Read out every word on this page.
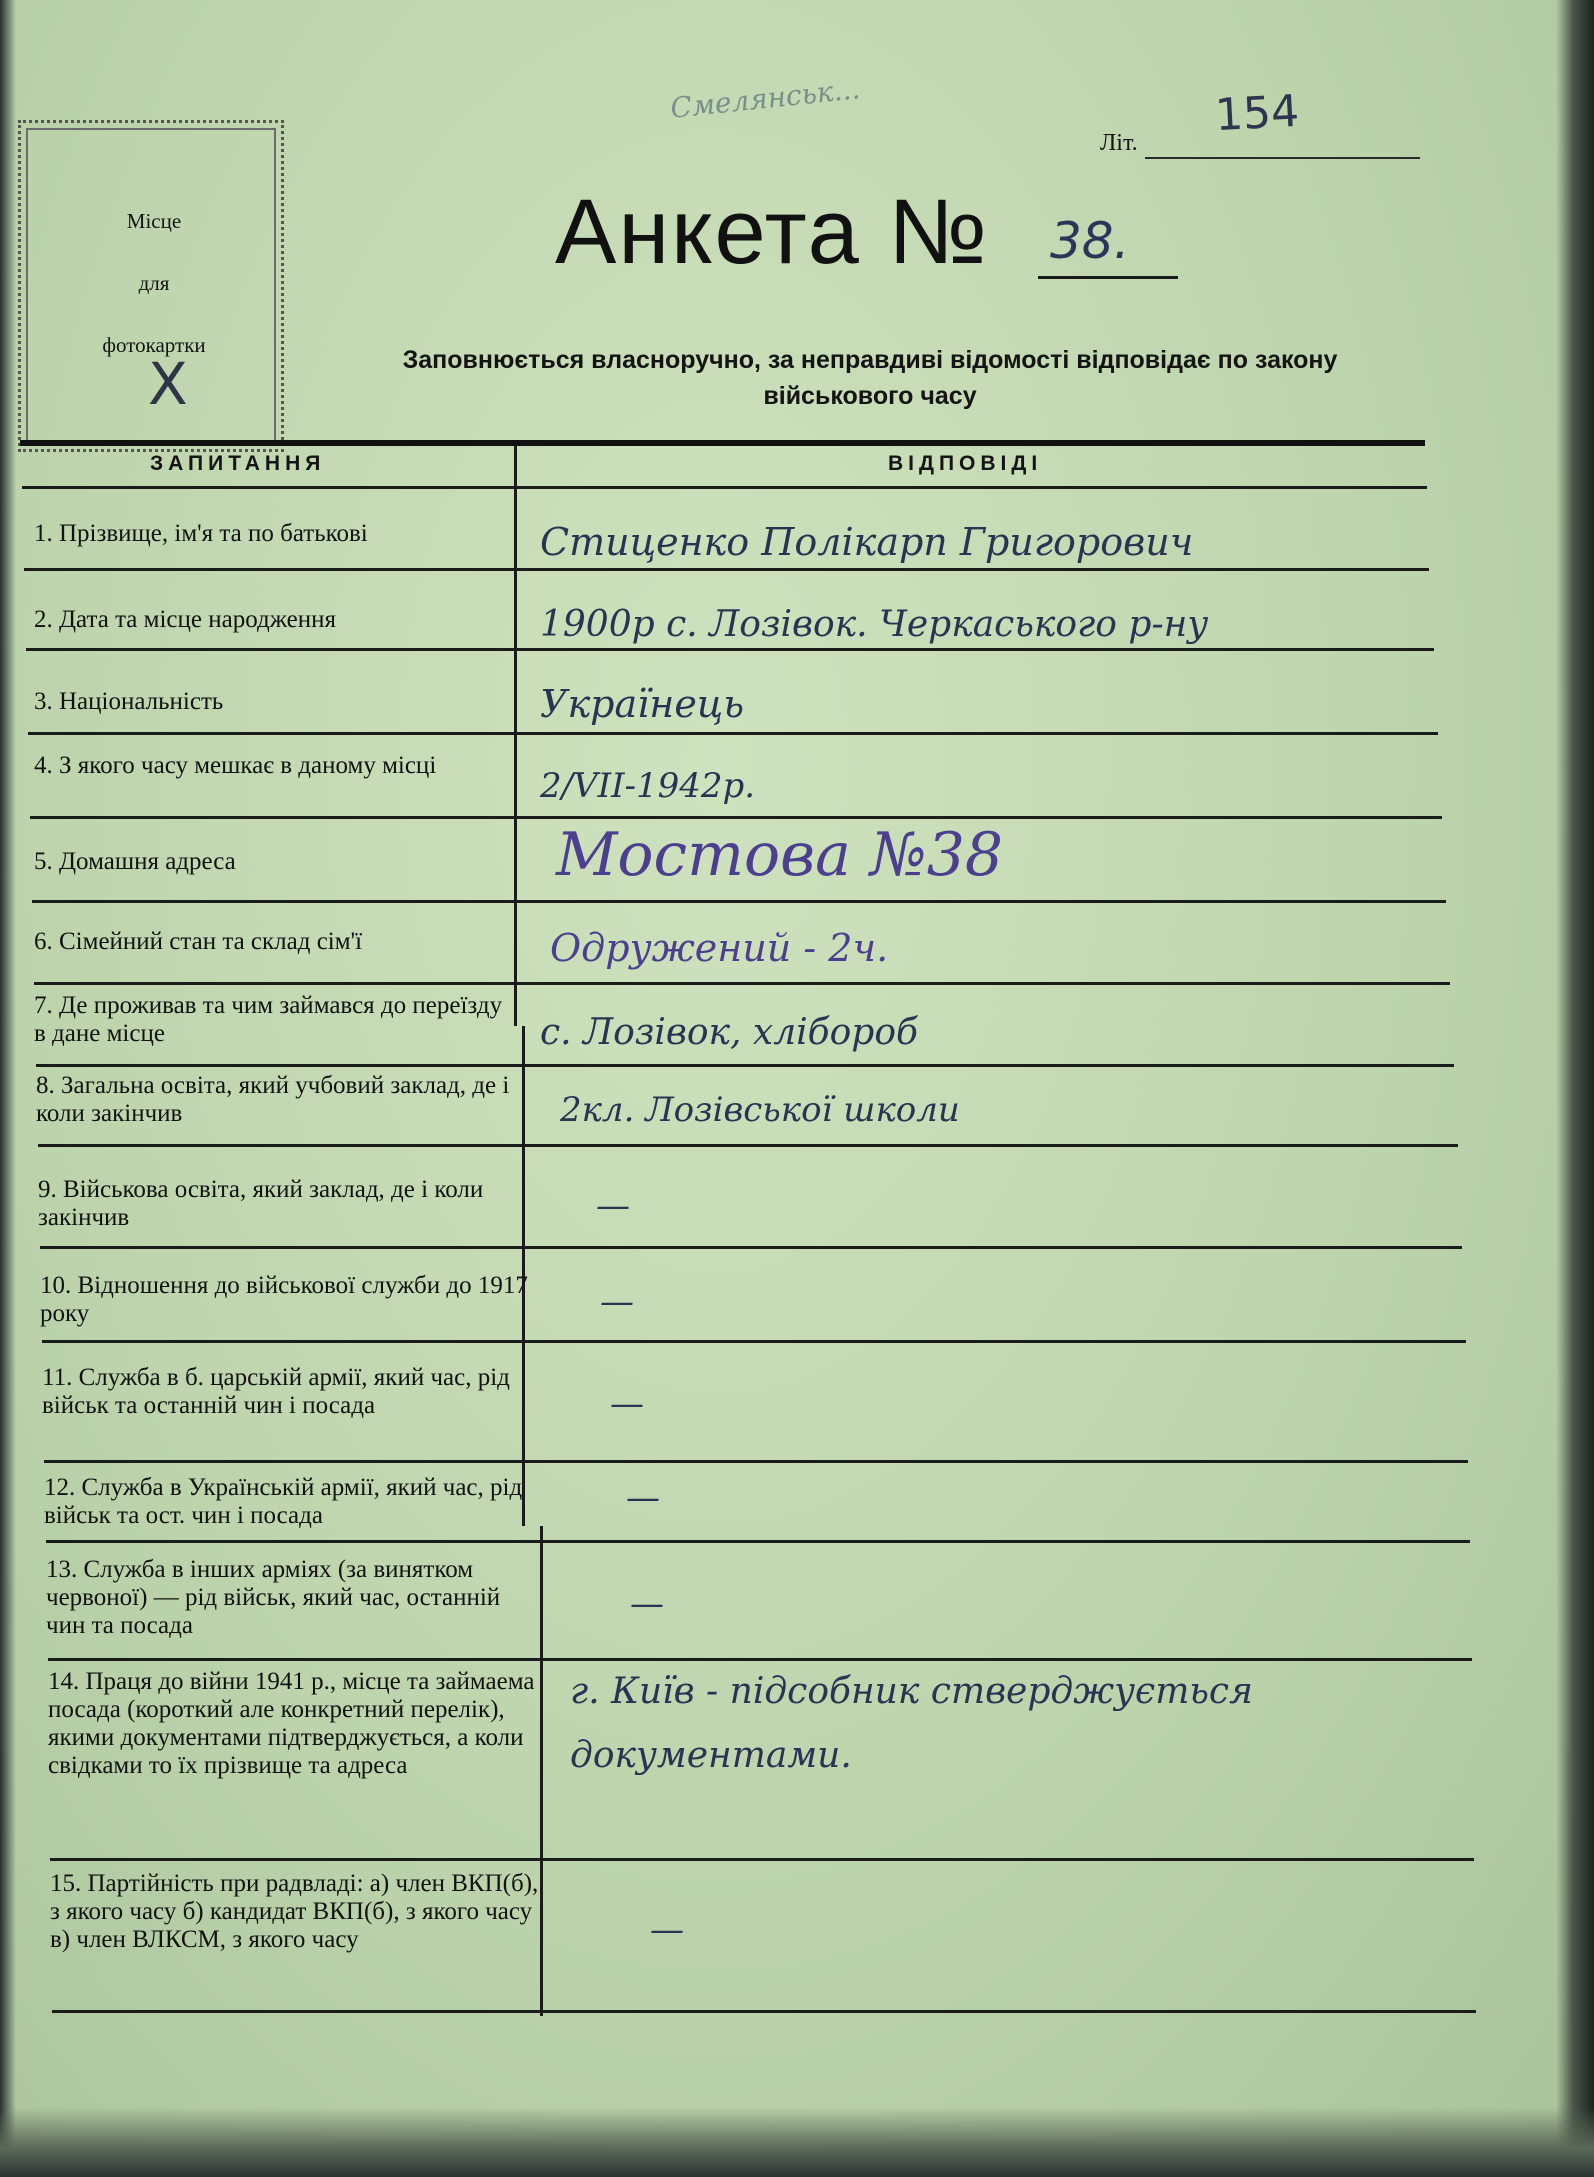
Смелянськ...
Літ.
154
Місце
для
фотокартки
X
Анкета № 38.
Заповнюється власноручно, за неправдиві відомості відповідає по закону
військового часу
ЗАПИТАННЯ	ВІДПОВІДІ
1. Прізвище, ім'я та по батькові
2. Дата та місце народження
3. Національність
4. З якого часу мешкає в даному місці
5. Домашня адреса
6. Сімейний стан та склад сім'ї
7. Де проживав та чим займався до переїзду в дане місце
8. Загальна освіта, який учбовий заклад, де і коли закінчив
9. Військова освіта, який заклад, де і коли закінчив
10. Відношення до військової служби до 1917 року
11. Служба в б. царській армії, який час, рід військ та останній чин і посада
12. Служба в Українській армії, який час, рід військ та ост. чин і посада
13. Служба в інших арміях (за винятком червоної) — рід військ, який час, останній чин та посада
14. Праця до війни 1941 р., місце та займаема посада (короткий але конкретний перелік), якими документами підтверджується, а коли свідками то їх прізвище та адреса
15. Партійність при радвладі: а) член ВКП(б), з якого часу б) кандидат ВКП(б), з якого часу в) член ВЛКСМ, з якого часу
Стиценко Полікарп Григорович
1900р с. Лозівок. Черкаського р-ну
Українець
2/VII-1942р.
Мостова №38
Одружений - 2ч.
с. Лозівок, хлібороб
2кл. Лозівської школи
—
—
—
—
—
г. Київ - підсобник стверджується документами.
—
